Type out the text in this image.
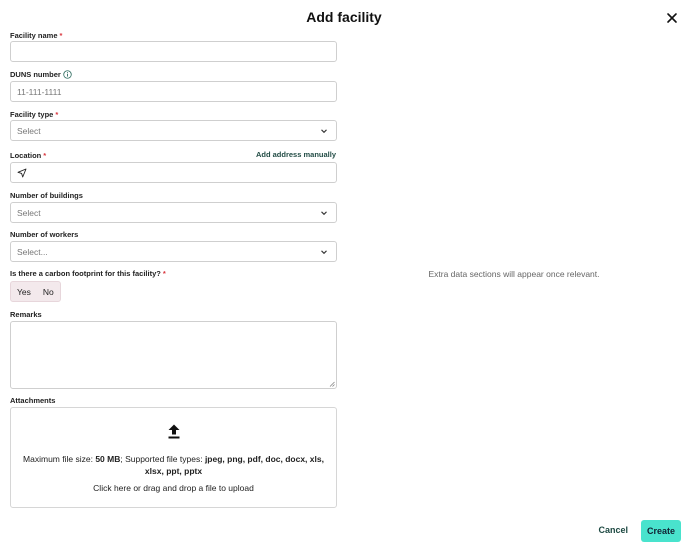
Add facility
Facility name *
DUNS number
11-111-1111
Facility type *
Select
Location *	Add address manually
Number of buildings
Select
Number of workers
Select...
Is there a carbon footprint for this facility? *
Yes	No
Remarks
Attachments
Maximum file size: 50 MB; Supported file types: jpeg, png, pdf, doc, docx, xls, xlsx, ppt, pptx
Click here or drag and drop a file to upload
Extra data sections will appear once relevant.
Cancel	Create
